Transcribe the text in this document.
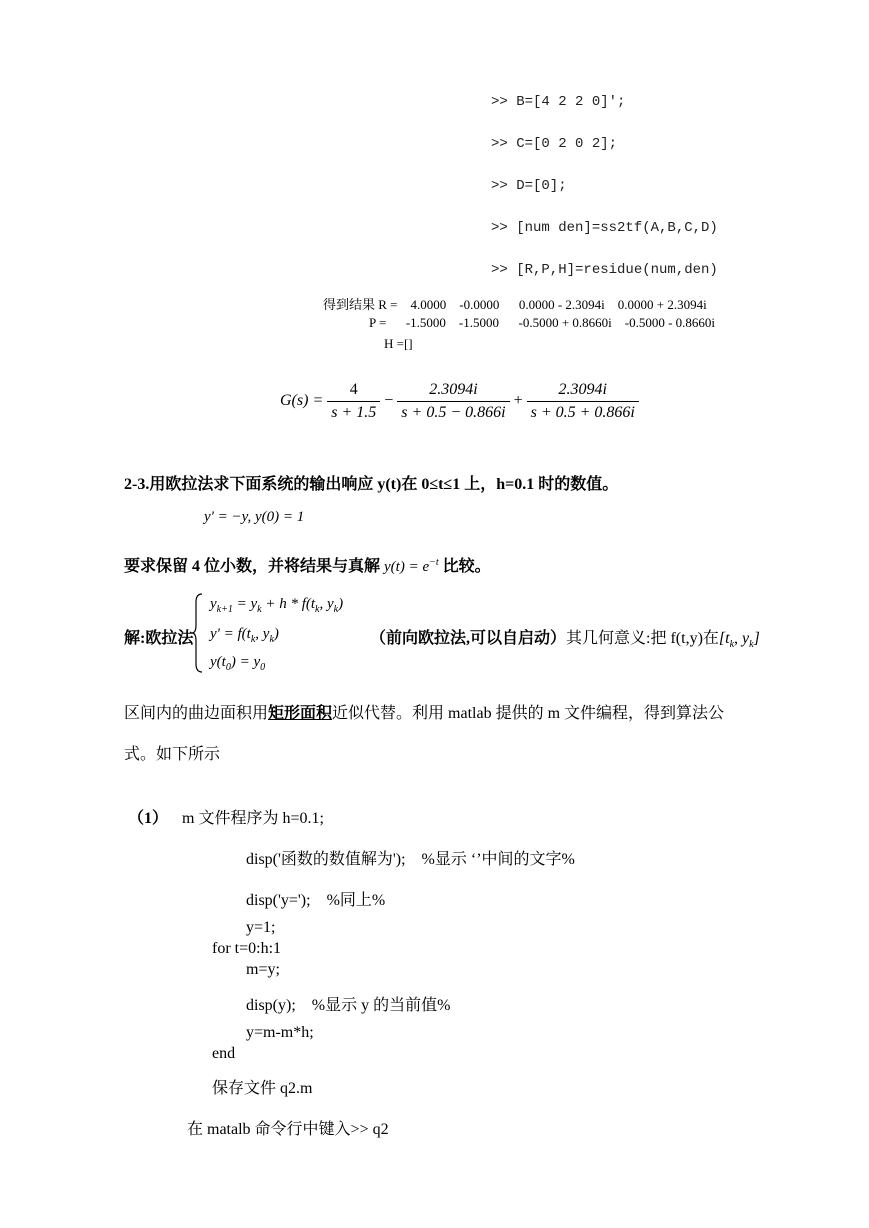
>> B=[4 2 2 0]';
>> C=[0 2 0 2];
>> D=[0];
>> [num den]=ss2tf(A,B,C,D)
>> [R,P,H]=residue(num,den)
得到结果 R =    4.0000    -0.0000      0.0000 - 2.3094i    0.0000 + 2.3094i
P =      -1.5000    -1.5000      -0.5000 + 0.8660i    -0.5000 - 0.8660i
H =[]
$G(s) = \frac{4}{s + 1.5} - \frac{2.3094i}{s + 0.5 - 0.866i} + \frac{2.3094i}{s + 0.5 + 0.866i}$
2-3.用欧拉法求下面系统的输出响应 y(t)在 0≤t≤1 上，h=0.1 时的数值。
y' = −y, y(0) = 1
要求保留 4 位小数，并将结果与真解 $y(t) = e^{-t}$ 比较。
解:欧拉法
$y_{k+1} = y_k + h * f(t_k$, $y_k$)
$y' = f(t_k$, $y_k$)
$y(t_0) = y_0$
（前向欧拉法,可以自启动）其几何意义:把 f(t,y)在[$t_k$, $y_k$]
区间内的曲边面积用矩形面积近似代替。利用 matlab 提供的 m 文件编程，得到算法公
式。如下所示
（1） m 文件程序为 h=0.1;
disp('函数的数值解为');    %显示 ‘’中间的文字%
disp('y=');    %同上%
y=1;
for t=0:h:1
m=y;
disp(y);    %显示 y 的当前值%
y=m-m*h;
end
保存文件 q2.m
在 matalb 命令行中键入>> q2
